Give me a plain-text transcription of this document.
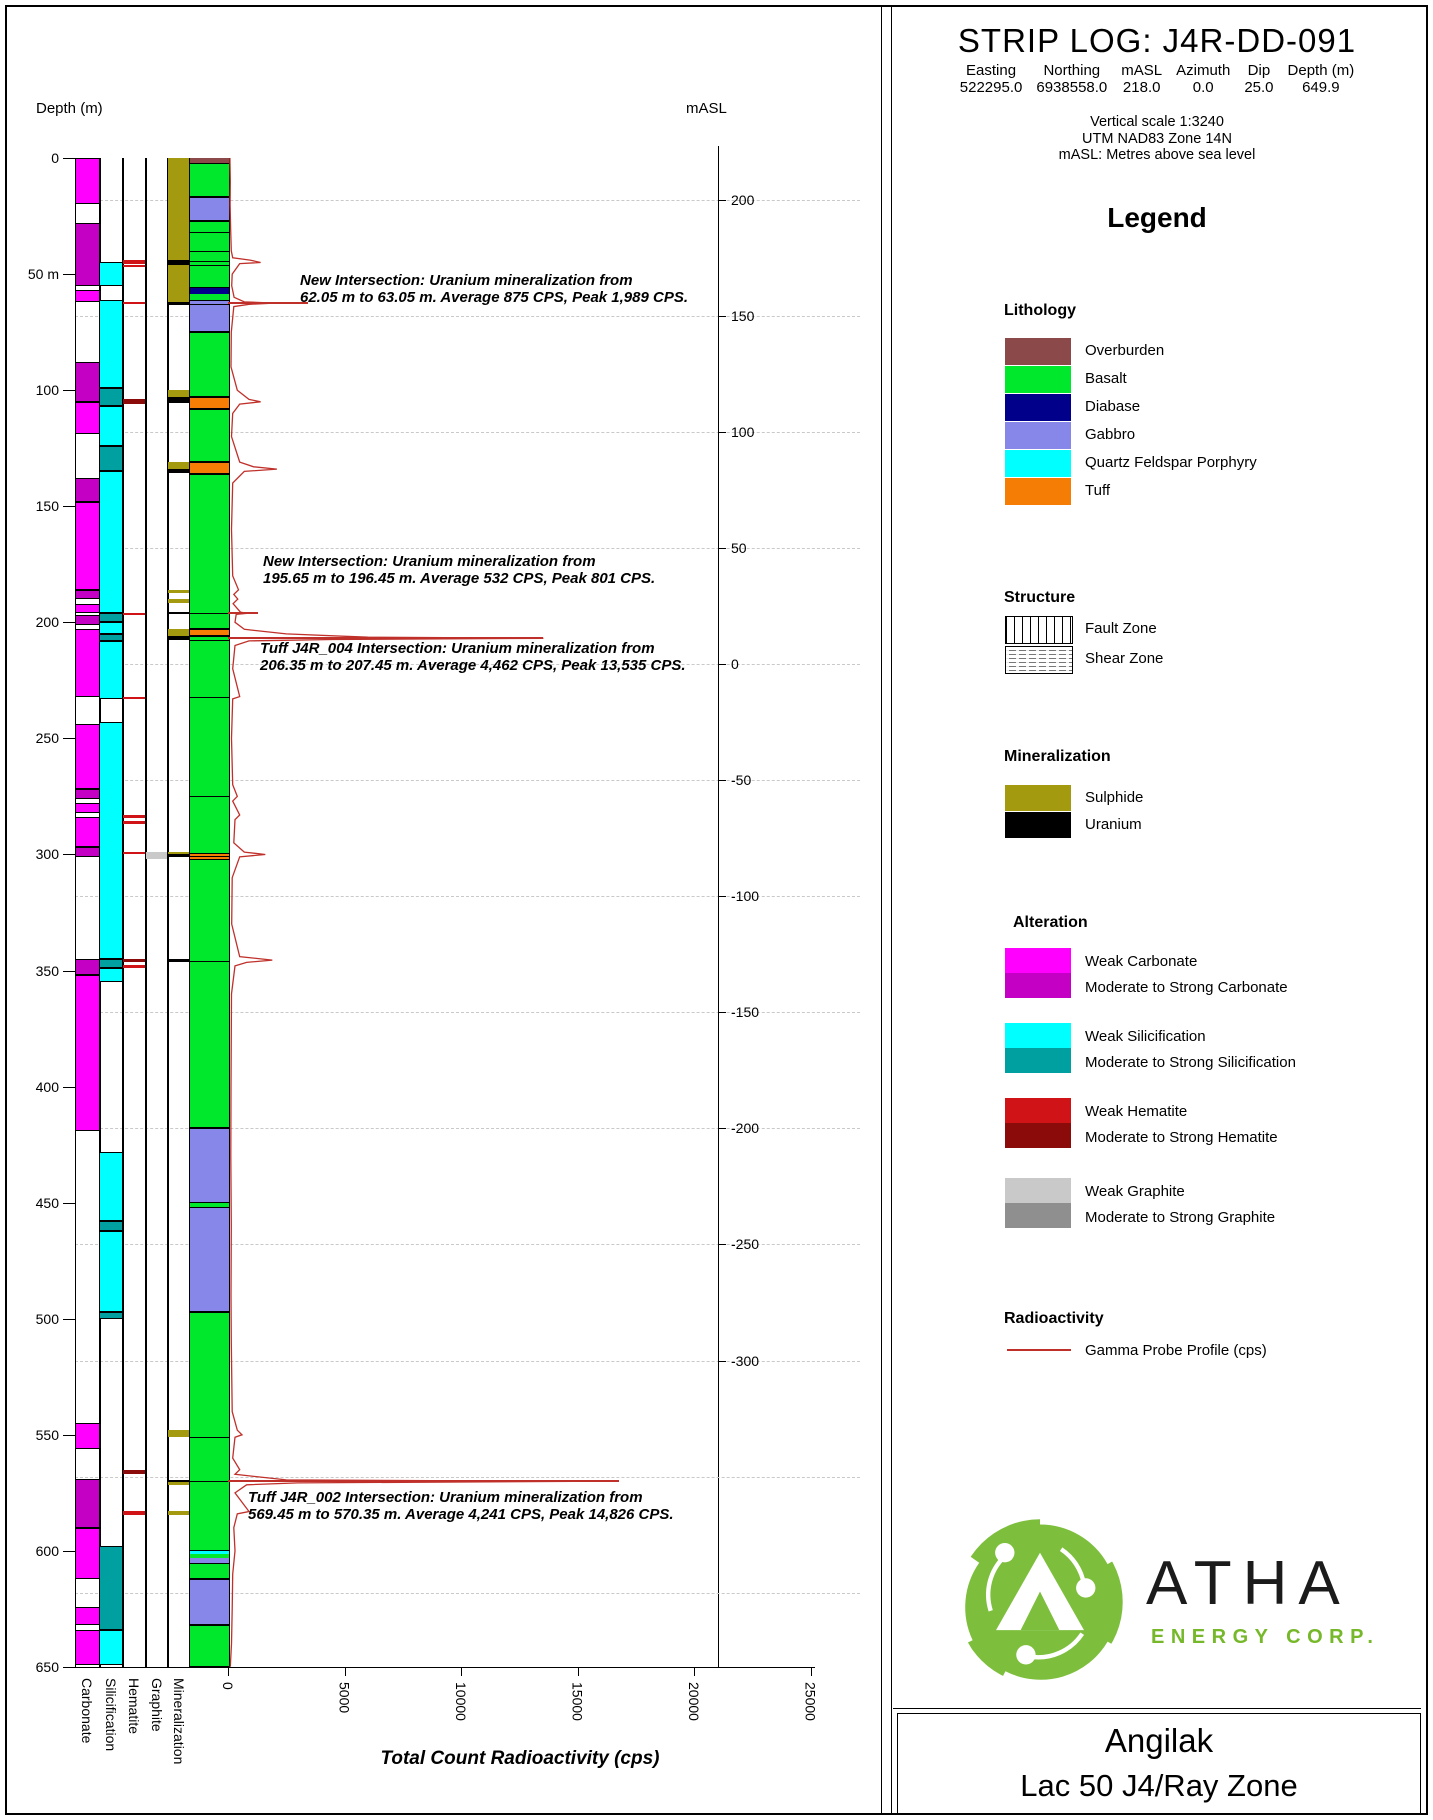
Depth (m)	mASL
Total Count Radioactivity (cps)
STRIP LOG: J4R-DD-091
Easting
522295.0
Northing
6938558.0
mASL
218.0
Azimuth
0.0
Dip
25.0
Depth (m)
649.9
Vertical scale 1:3240
UTM NAD83 Zone 14N
mASL: Metres above sea level
Legend
Lithology
Structure
Mineralization
Alteration
Radioactivity
Gamma Probe Profile (cps)
ATHA
ENERGY CORP.
Angilak
Lac 50 J4/Ray Zone
0
50 m
100
150
200
250
300
350
400
450
500
550
600
650
200
150
100
50
0
-50
-100
-150
-200
-250
-300
0	5000	10000	15000	20000	25000
New Intersection: Uranium mineralization from
62.05 m to 63.05 m. Average 875 CPS, Peak 1,989 CPS.
New Intersection: Uranium mineralization from
195.65 m to 196.45 m. Average 532 CPS, Peak 801 CPS.
Tuff J4R_004 Intersection: Uranium mineralization from
206.35 m to 207.45 m. Average 4,462 CPS, Peak 13,535 CPS.
Tuff J4R_002 Intersection: Uranium mineralization from
569.45 m to 570.35 m. Average 4,241 CPS, Peak 14,826 CPS.
Carbonate Silicification Hematite Graphite Mineralization
Overburden
Basalt
Diabase
Gabbro
Quartz Feldspar Porphyry
Tuff
Fault Zone
Shear Zone
Sulphide
Uranium
Weak Carbonate
Moderate to Strong Carbonate
Weak Silicification
Moderate to Strong Silicification
Weak Hematite
Moderate to Strong Hematite
Weak Graphite
Moderate to Strong Graphite
